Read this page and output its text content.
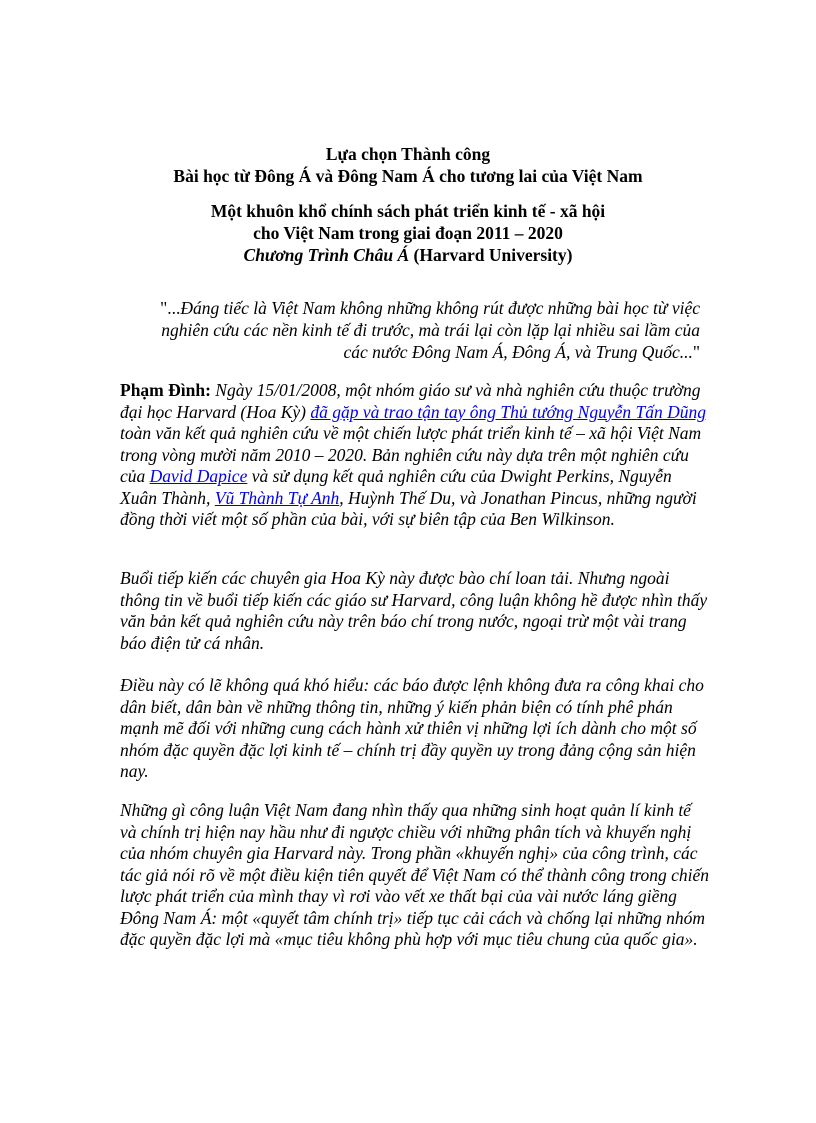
Lựa chọn Thành công
Bài học từ Đông Á và Đông Nam Á cho tương lai của Việt Nam
Một khuôn khổ chính sách phát triển kinh tế - xã hội
cho Việt Nam trong giai đoạn 2011 – 2020
Chương Trình Châu Á (Harvard University)
"...Đáng tiếc là Việt Nam không những không rút được những bài học từ việc nghiên cứu các nền kinh tế đi trước, mà trái lại còn lặp lại nhiều sai lầm của các nước Đông Nam Á, Đông Á, và Trung Quốc..."
Phạm Đình: Ngày 15/01/2008, một nhóm giáo sư và nhà nghiên cứu thuộc trường đại học Harvard (Hoa Kỳ) đã gặp và trao tận tay ông Thủ tướng Nguyễn Tấn Dũng toàn văn kết quả nghiên cứu về một chiến lược phát triển kinh tế – xã hội Việt Nam trong vòng mười năm 2010 – 2020. Bản nghiên cứu này dựa trên một nghiên cứu của David Dapice và sử dụng kết quả nghiên cứu của Dwight Perkins, Nguyễn Xuân Thành, Vũ Thành Tự Anh, Huỳnh Thế Du, và Jonathan Pincus, những người đồng thời viết một số phần của bài, với sự biên tập của Ben Wilkinson.
Buổi tiếp kiến các chuyên gia Hoa Kỳ này được bào chí loan tải. Nhưng ngoài thông tin về buổi tiếp kiến các giáo sư Harvard, công luận không hề được nhìn thấy văn bản kết quả nghiên cứu này trên báo chí trong nước, ngoại trừ một vài trang báo điện tử cá nhân.
Điều này có lẽ không quá khó hiểu: các báo được lệnh không đưa ra công khai cho dân biết, dân bàn về những thông tin, những ý kiến phản biện có tính phê phán mạnh mẽ đối với những cung cách hành xử thiên vị những lợi ích dành cho một số nhóm đặc quyền đặc lợi kinh tế – chính trị đầy quyền uy trong đảng cộng sản hiện nay.
Những gì công luận Việt Nam đang nhìn thấy qua những sinh hoạt quản lí kinh tế và chính trị hiện nay hầu như đi ngược chiều với những phân tích và khuyến nghị của nhóm chuyên gia Harvard này. Trong phần «khuyến nghị» của công trình, các tác giả nói rõ về một điều kiện tiên quyết để Việt Nam có thể thành công trong chiến lược phát triển của mình thay vì rơi vào vết xe thất bại của vài nước láng giềng Đông Nam Á: một «quyết tâm chính trị» tiếp tục cải cách và chống lại những nhóm đặc quyền đặc lợi mà «mục tiêu không phù hợp với mục tiêu chung của quốc gia».
